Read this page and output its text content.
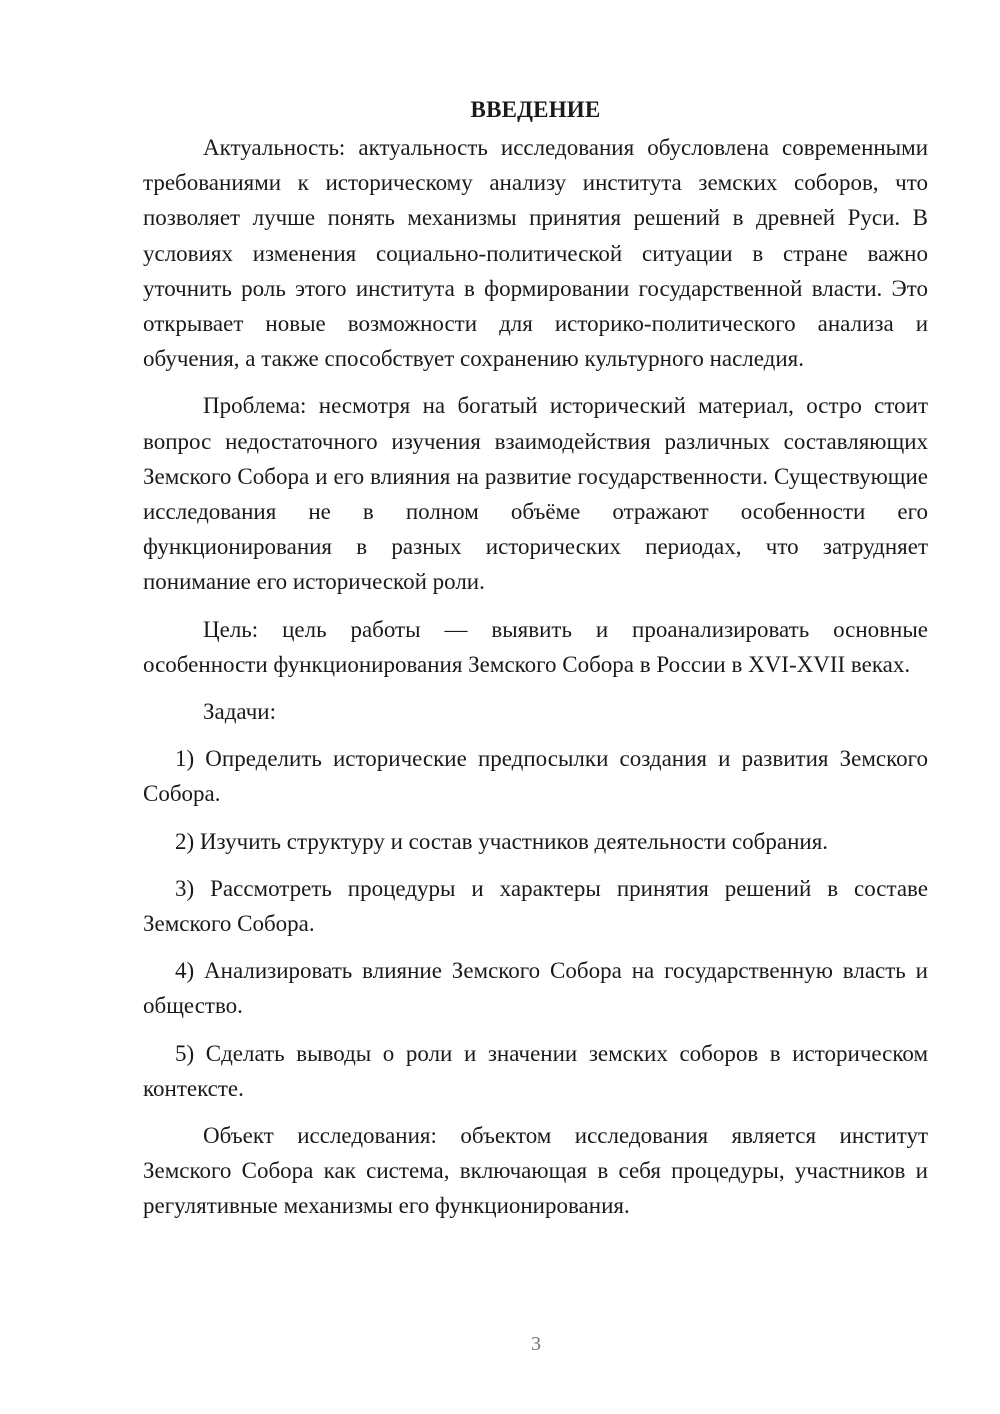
ВВЕДЕНИЕ

Актуальность: актуальность исследования обусловлена современными требованиями к историческому анализу института земских соборов, что позволяет лучше понять механизмы принятия решений в древней Руси. В условиях изменения социально-политической ситуации в стране важно уточнить роль этого института в формировании государственной власти. Это открывает новые возможности для историко-политического анализа и обучения, а также способствует сохранению культурного наследия.

Проблема: несмотря на богатый исторический материал, остро стоит вопрос недостаточного изучения взаимодействия различных составляющих Земского Собора и его влияния на развитие государственности. Существующие исследования не в полном объёме отражают особенности его функционирования в разных исторических периодах, что затрудняет понимание его исторической роли.

Цель: цель работы — выявить и проанализировать основные особенности функционирования Земского Собора в России в XVI-XVII веках.

Задачи:

1) Определить исторические предпосылки создания и развития Земского Собора.

2) Изучить структуру и состав участников деятельности собрания.

3) Рассмотреть процедуры и характеры принятия решений в составе Земского Собора.

4) Анализировать влияние Земского Собора на государственную власть и общество.

5) Сделать выводы о роли и значении земских соборов в историческом контексте.

Объект исследования: объектом исследования является институт Земского Собора как система, включающая в себя процедуры, участников и регулятивные механизмы его функционирования.

3
